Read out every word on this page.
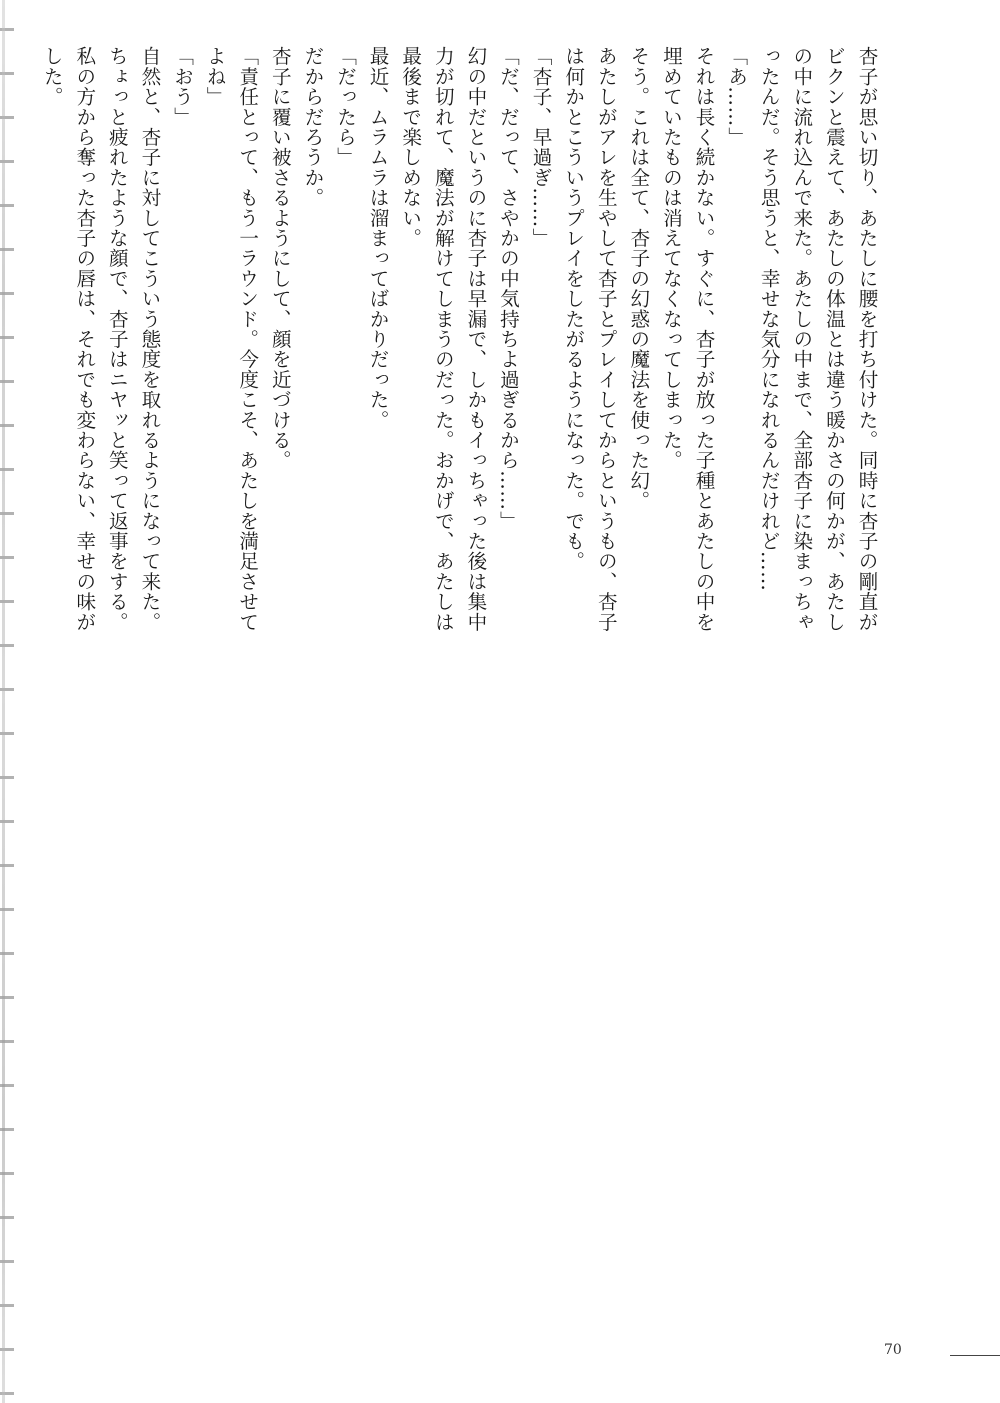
杏子が思い切り、あたしに腰を打ち付けた。同時に杏子の剛直がビクンと震えて、あたしの体温とは違う暖かさの何かが、あたしの中に流れ込んで来た。あたしの中まで、全部杏子に染まっちゃったんだ。そう思うと、幸せな気分になれるんだけれど……

「あ……」

それは長く続かない。すぐに、杏子が放った子種とあたしの中を埋めていたものは消えてなくなってしまった。

そう。これは全て、杏子の幻惑の魔法を使った幻。

あたしがアレを生やして杏子とプレイしてからというもの、杏子は何かとこういうプレイをしたがるようになった。でも。

「杏子、早過ぎ……」

「だ、だって、さやかの中気持ちよ過ぎるから……」

幻の中だというのに杏子は早漏で、しかもイっちゃった後は集中力が切れて、魔法が解けてしまうのだった。おかげで、あたしは最後まで楽しめない。

最近、ムラムラは溜まってばかりだった。

「だったら」

だからだろうか。

杏子に覆い被さるようにして、顔を近づける。

「責任とって、もう一ラウンド。今度こそ、あたしを満足させてよね」

「おう」

自然と、杏子に対してこういう態度を取れるようになって来た。

ちょっと疲れたような顔で、杏子はニヤッと笑って返事をする。

私の方から奪った杏子の唇は、それでも変わらない、幸せの味がした。

70
